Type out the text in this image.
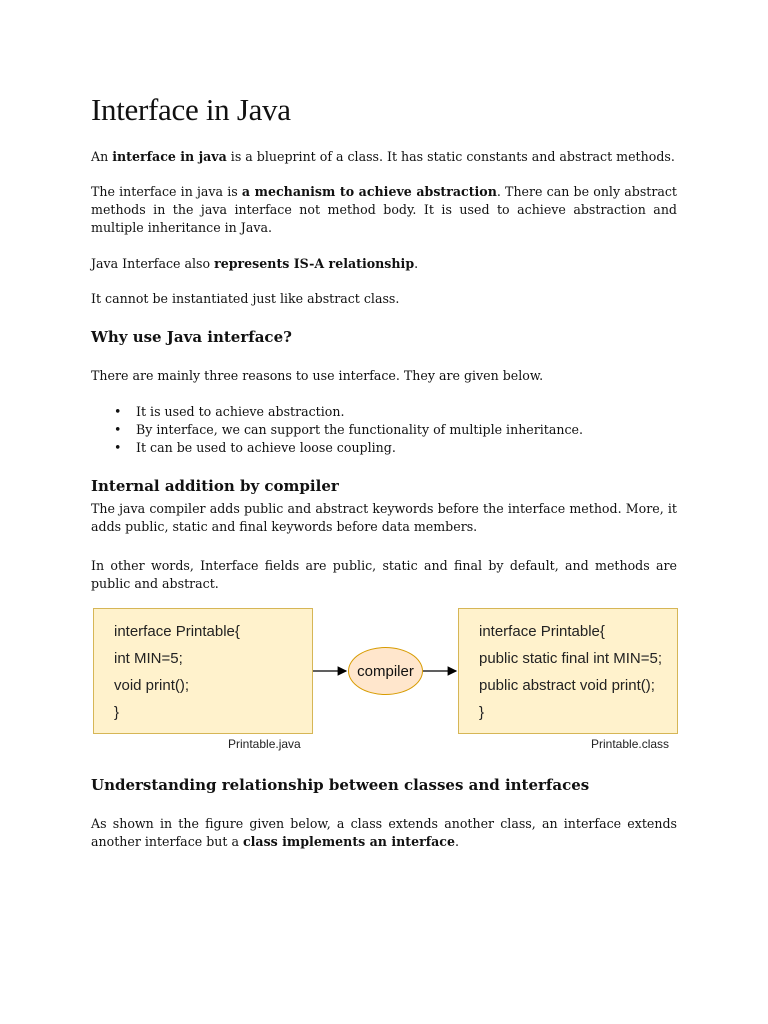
Interface in Java

An interface in java is a blueprint of a class. It has static constants and abstract methods.

The interface in java is a mechanism to achieve abstraction. There can be only abstract methods in the java interface not method body. It is used to achieve abstraction and multiple inheritance in Java.

Java Interface also represents IS-A relationship.

It cannot be instantiated just like abstract class.

Why use Java interface?

There are mainly three reasons to use interface. They are given below.

• It is used to achieve abstraction.
• By interface, we can support the functionality of multiple inheritance.
• It can be used to achieve loose coupling.
Internal addition by compiler

The java compiler adds public and abstract keywords before the interface method. More, it adds public, static and final keywords before data members.

In other words, Interface fields are public, static and final by default, and methods are public and abstract.

interface Printable{
int MIN=5;
void print();
}
Printable.java
compiler
interface Printable{
public static final int MIN=5;
public abstract void print();
}
Printable.class
Understanding relationship between classes and interfaces

As shown in the figure given below, a class extends another class, an interface extends another interface but a class implements an interface.
